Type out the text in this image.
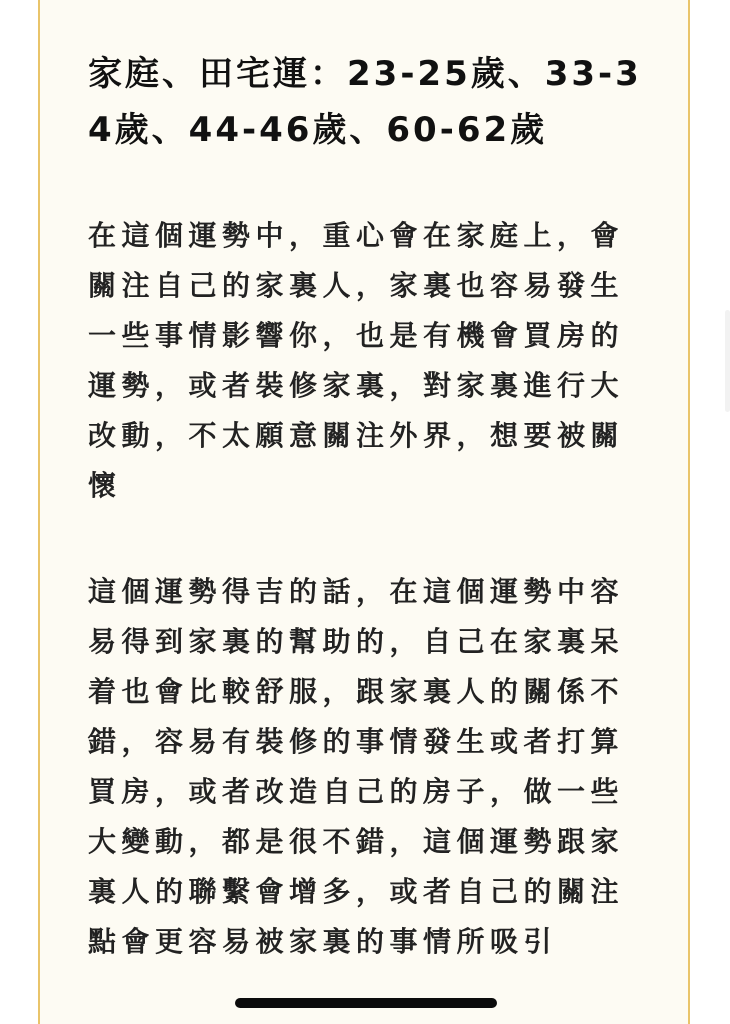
家庭、田宅運：23-25歲、33-34歲、44-46歲、60-62歲

在這個運勢中，重心會在家庭上，會關注自己的家裏人，家裏也容易發生一些事情影響你，也是有機會買房的運勢，或者裝修家裏，對家裏進行大改動，不太願意關注外界，想要被關懷

這個運勢得吉的話，在這個運勢中容易得到家裏的幫助的，自己在家裏呆着也會比較舒服，跟家裏人的關係不錯，容易有裝修的事情發生或者打算買房，或者改造自己的房子，做一些大變動，都是很不錯，這個運勢跟家裏人的聯繫會增多，或者自己的關注點會更容易被家裏的事情所吸引
